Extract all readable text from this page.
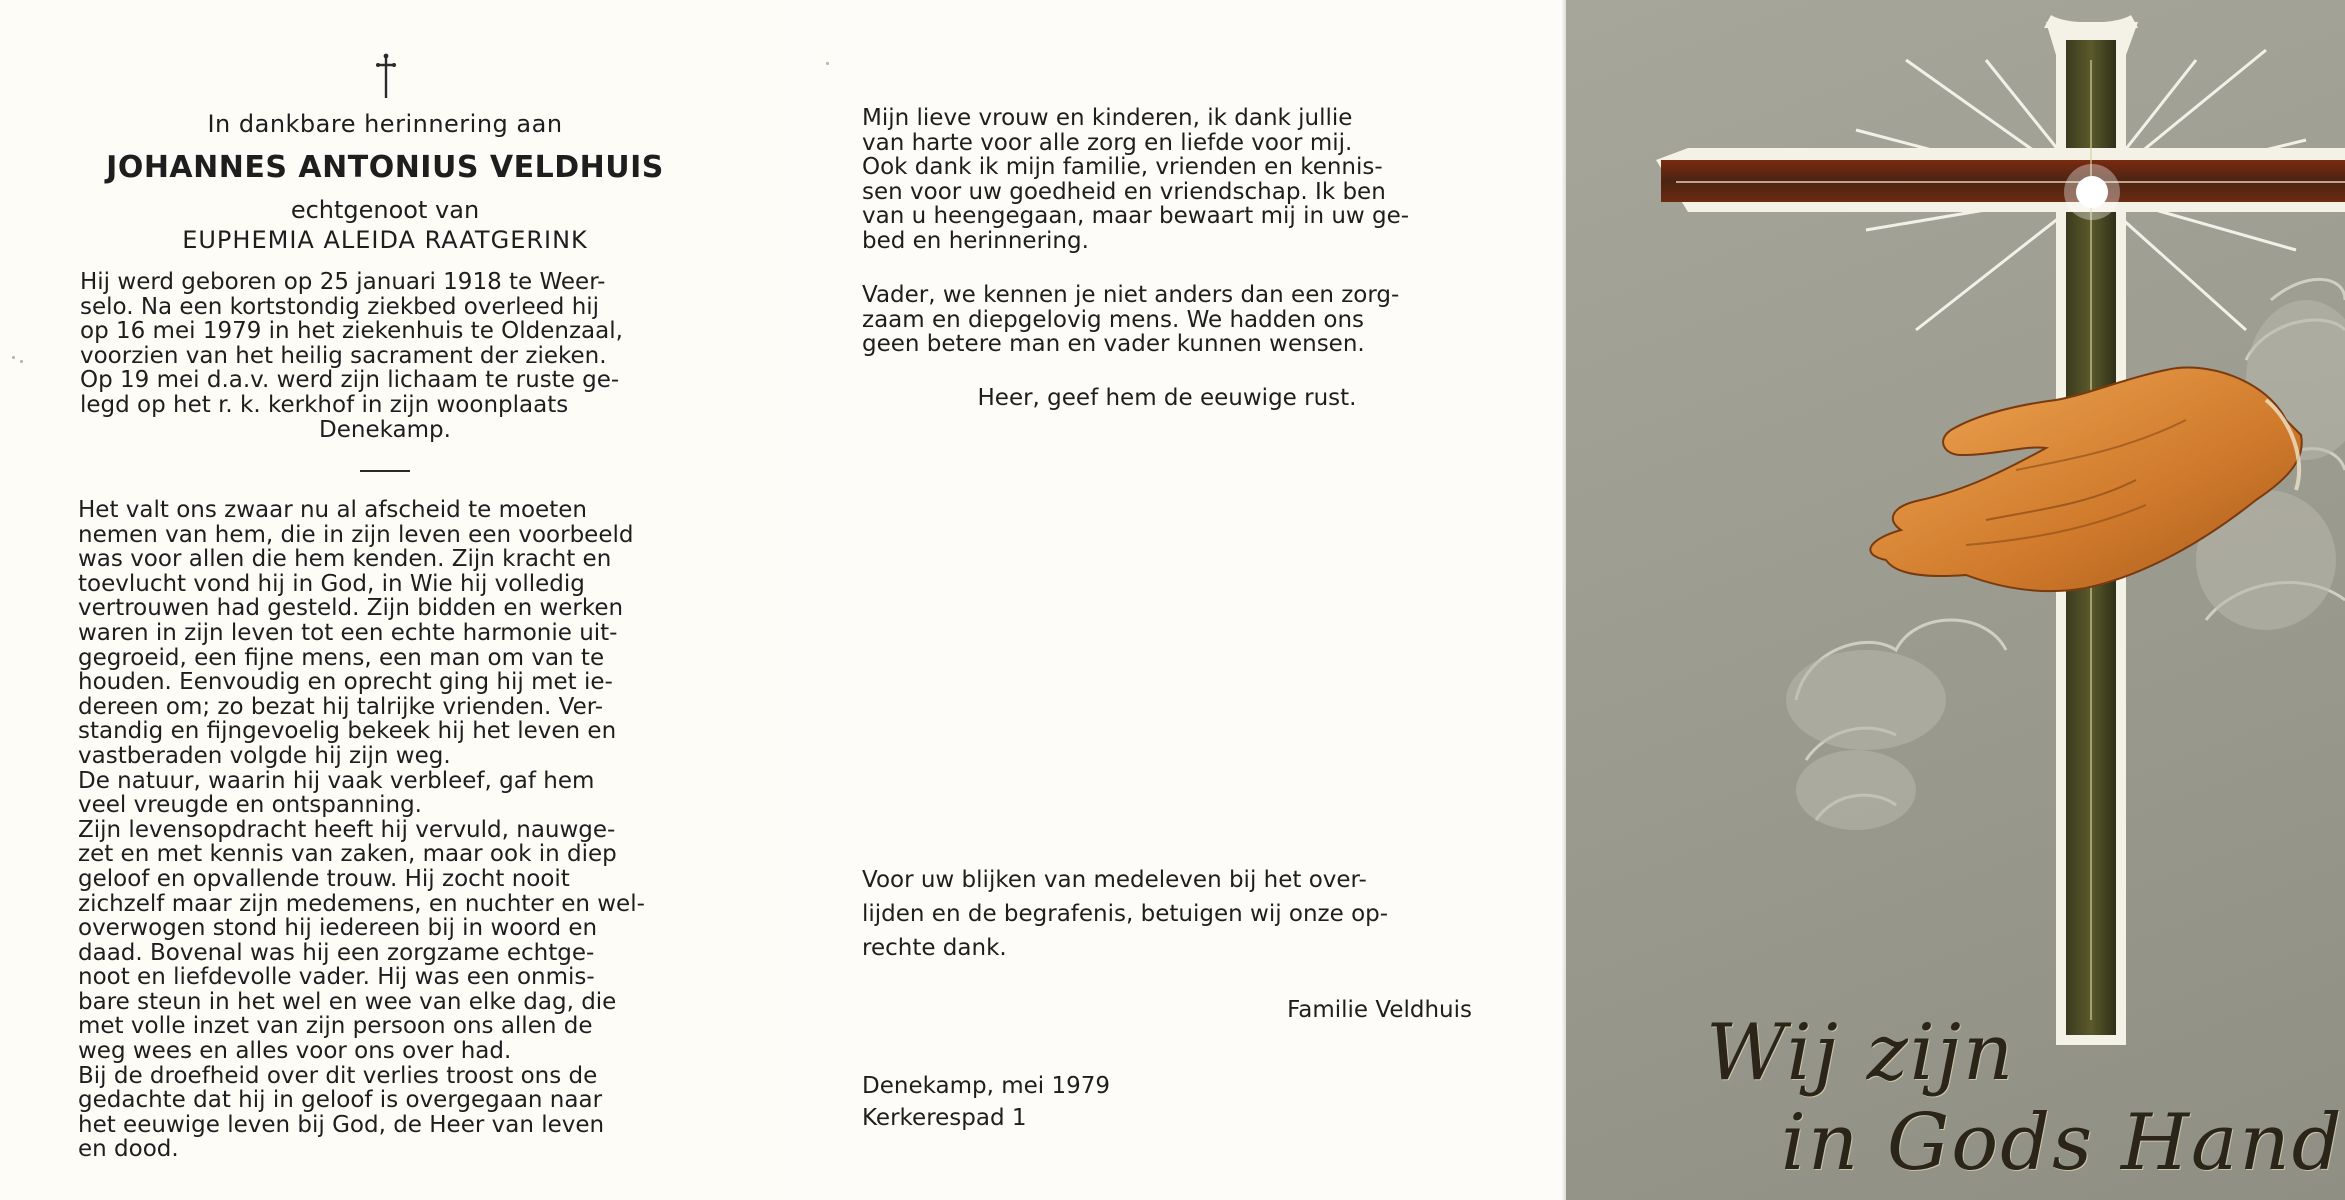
In dankbare herinnering aan
JOHANNES ANTONIUS VELDHUIS
echtgenoot van
EUPHEMIA ALEIDA RAATGERINK
Hij werd geboren op 25 januari 1918 te Weer-
selo. Na een kortstondig ziekbed overleed hij
op 16 mei 1979 in het ziekenhuis te Oldenzaal,
voorzien van het heilig sacrament der zieken.
Op 19 mei d.a.v. werd zijn lichaam te ruste ge-
legd op het r. k. kerkhof in zijn woonplaats
Denekamp.
Het valt ons zwaar nu al afscheid te moeten
nemen van hem, die in zijn leven een voorbeeld
was voor allen die hem kenden. Zijn kracht en
toevlucht vond hij in God, in Wie hij volledig
vertrouwen had gesteld. Zijn bidden en werken
waren in zijn leven tot een echte harmonie uit-
gegroeid, een fijne mens, een man om van te
houden. Eenvoudig en oprecht ging hij met ie-
dereen om; zo bezat hij talrijke vrienden. Ver-
standig en fijngevoelig bekeek hij het leven en
vastberaden volgde hij zijn weg.
De natuur, waarin hij vaak verbleef, gaf hem
veel vreugde en ontspanning.
Zijn levensopdracht heeft hij vervuld, nauwge-
zet en met kennis van zaken, maar ook in diep
geloof en opvallende trouw. Hij zocht nooit
zichzelf maar zijn medemens, en nuchter en wel-
overwogen stond hij iedereen bij in woord en
daad. Bovenal was hij een zorgzame echtge-
noot en liefdevolle vader. Hij was een onmis-
bare steun in het wel en wee van elke dag, die
met volle inzet van zijn persoon ons allen de
weg wees en alles voor ons over had.
Bij de droefheid over dit verlies troost ons de
gedachte dat hij in geloof is overgegaan naar
het eeuwige leven bij God, de Heer van leven
en dood.
Mijn lieve vrouw en kinderen, ik dank jullie
van harte voor alle zorg en liefde voor mij.
Ook dank ik mijn familie, vrienden en kennis-
sen voor uw goedheid en vriendschap. Ik ben
van u heengegaan, maar bewaart mij in uw ge-
bed en herinnering.
Vader, we kennen je niet anders dan een zorg-
zaam en diepgelovig mens. We hadden ons
geen betere man en vader kunnen wensen.
Heer, geef hem de eeuwige rust.
Voor uw blijken van medeleven bij het over-
lijden en de begrafenis, betuigen wij onze op-
rechte dank.
Familie Veldhuis
Denekamp, mei 1979
Kerkerespad 1
Wij zijn
in Gods Hand
